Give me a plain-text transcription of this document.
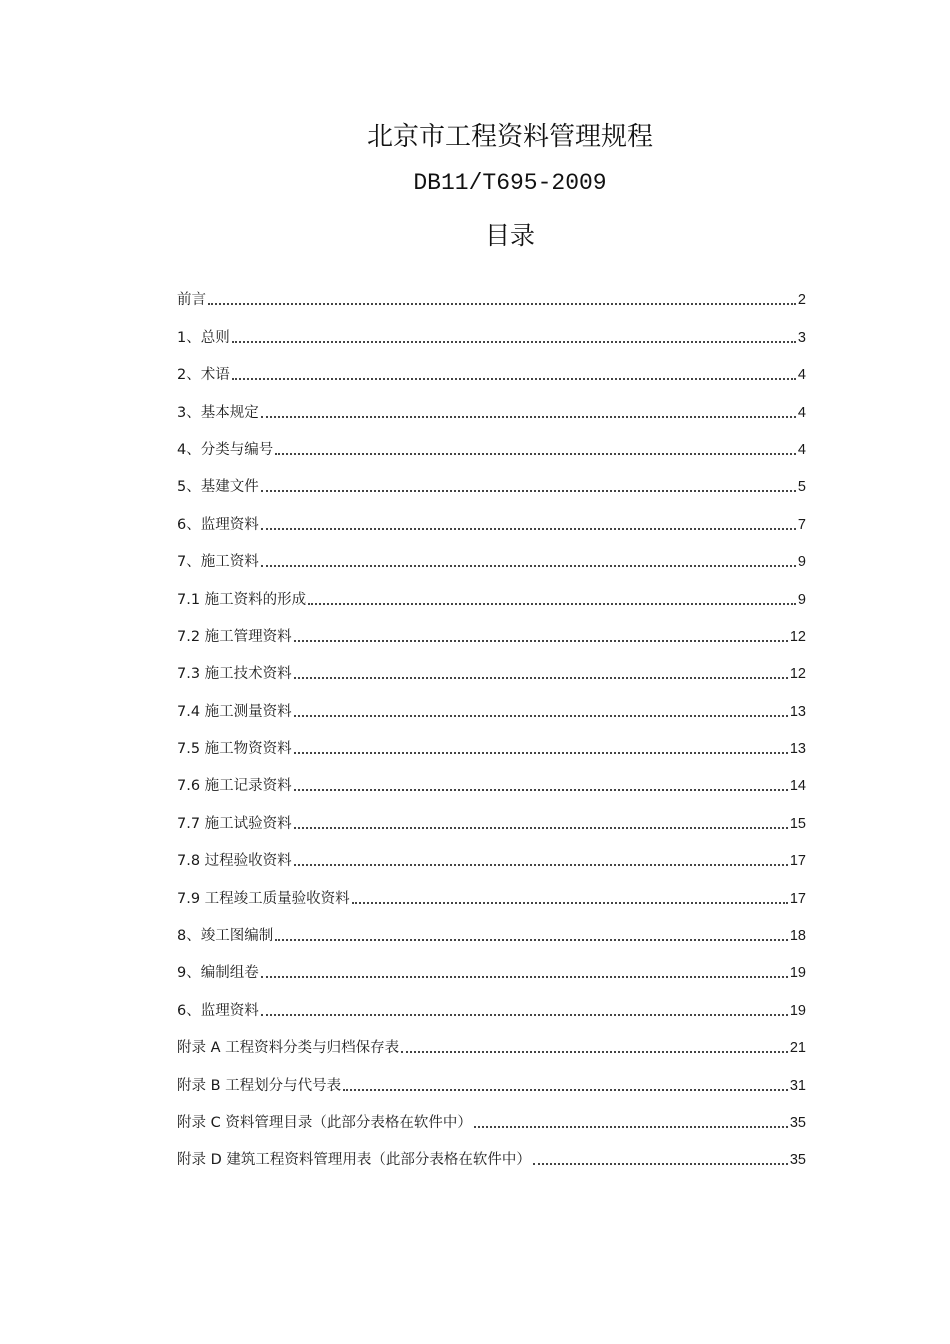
北京市工程资料管理规程
DB11/T695-2009
目录
前言	2
1、总则	3
2、术语	4
3、基本规定	4
4、分类与编号	4
5、基建文件	5
6、监理资料	7
7、施工资料	9
7.1 施工资料的形成	9
7.2 施工管理资料	12
7.3 施工技术资料	12
7.4 施工测量资料	13
7.5 施工物资资料	13
7.6 施工记录资料	14
7.7 施工试验资料	15
7.8 过程验收资料	17
7.9 工程竣工质量验收资料	17
8、竣工图编制	18
9、编制组卷	19
6、监理资料	19
附录 A 工程资料分类与归档保存表	21
附录 B 工程划分与代号表	31
附录 C 资料管理目录（此部分表格在软件中）	35
附录 D 建筑工程资料管理用表（此部分表格在软件中）	35
